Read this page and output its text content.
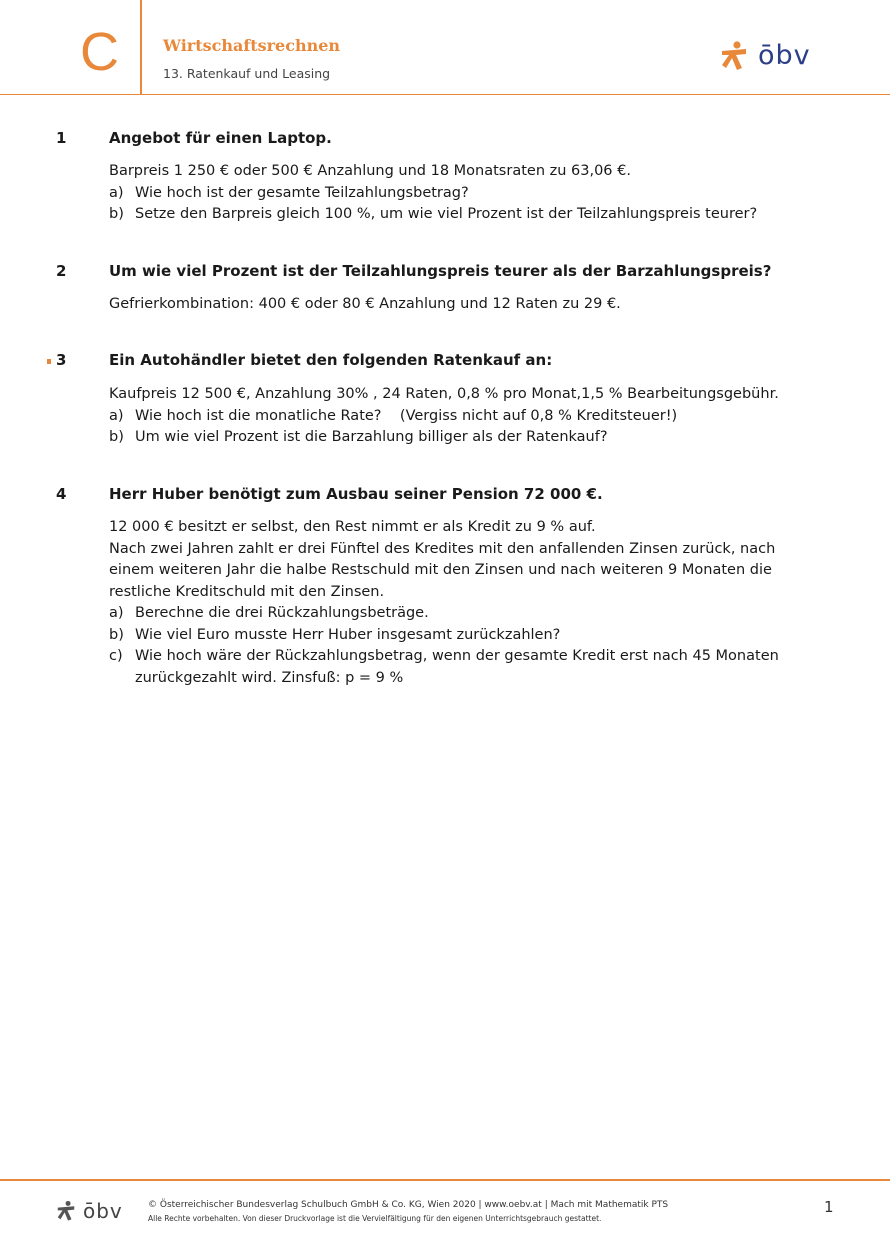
C	Wirtschaftsrechnen
13. Ratenkauf und Leasing
ōbv
1	Angebot für einen Laptop.
Barpreis 1 250 € oder 500 € Anzahlung und 18 Monatsraten zu 63,06 €.
a) Wie hoch ist der gesamte Teilzahlungsbetrag?
b) Setze den Barpreis gleich 100 %, um wie viel Prozent ist der Teilzahlungspreis teurer?
2	Um wie viel Prozent ist der Teilzahlungspreis teurer als der Barzahlungspreis?
Gefrierkombination: 400 € oder 80 € Anzahlung und 12 Raten zu 29 €.
3	Ein Autohändler bietet den folgenden Ratenkauf an:
Kaufpreis 12 500 €, Anzahlung 30% , 24 Raten, 0,8 % pro Monat,1,5 % Bearbeitungsgebühr.
a) Wie hoch ist die monatliche Rate?    (Vergiss nicht auf 0,8 % Kreditsteuer!)
b) Um wie viel Prozent ist die Barzahlung billiger als der Ratenkauf?
4	Herr Huber benötigt zum Ausbau seiner Pension 72 000 €.
12 000 € besitzt er selbst, den Rest nimmt er als Kredit zu 9 % auf.
Nach zwei Jahren zahlt er drei Fünftel des Kredites mit den anfallenden Zinsen zurück, nach
einem weiteren Jahr die halbe Restschuld mit den Zinsen und nach weiteren 9 Monaten die
restliche Kreditschuld mit den Zinsen.
a) Berechne die drei Rückzahlungsbeträge.
b) Wie viel Euro musste Herr Huber insgesamt zurückzahlen?
c) Wie hoch wäre der Rückzahlungsbetrag, wenn der gesamte Kredit erst nach 45 Monaten
zurückgezahlt wird. Zinsfuß: p = 9 %
ōbv	© Österreichischer Bundesverlag Schulbuch GmbH & Co. KG, Wien 2020 | www.oebv.at | Mach mit Mathematik PTS
Alle Rechte vorbehalten. Von dieser Druckvorlage ist die Vervielfältigung für den eigenen Unterrichtsgebrauch gestattet.
1
